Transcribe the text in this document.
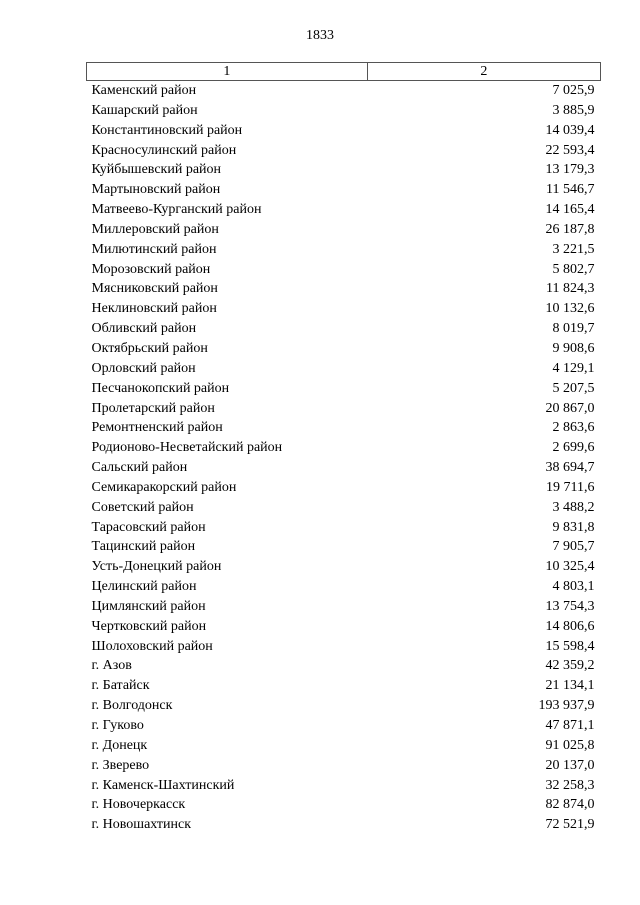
1833
1	2
Каменский район	7 025,9
Кашарский район	3 885,9
Константиновский район	14 039,4
Красносулинский район	22 593,4
Куйбышевский район	13 179,3
Мартыновский район	11 546,7
Матвеево-Курганский район	14 165,4
Миллеровский район	26 187,8
Милютинский район	3 221,5
Морозовский район	5 802,7
Мясниковский район	11 824,3
Неклиновский район	10 132,6
Обливский район	8 019,7
Октябрьский район	9 908,6
Орловский район	4 129,1
Песчанокопский район	5 207,5
Пролетарский район	20 867,0
Ремонтненский район	2 863,6
Родионово-Несветайский район	2 699,6
Сальский район	38 694,7
Семикаракорский район	19 711,6
Советский район	3 488,2
Тарасовский район	9 831,8
Тацинский район	7 905,7
Усть-Донецкий район	10 325,4
Целинский район	4 803,1
Цимлянский район	13 754,3
Чертковский район	14 806,6
Шолоховский район	15 598,4
г. Азов	42 359,2
г. Батайск	21 134,1
г. Волгодонск	193 937,9
г. Гуково	47 871,1
г. Донецк	91 025,8
г. Зверево	20 137,0
г. Каменск-Шахтинский	32 258,3
г. Новочеркасск	82 874,0
г. Новошахтинск	72 521,9
